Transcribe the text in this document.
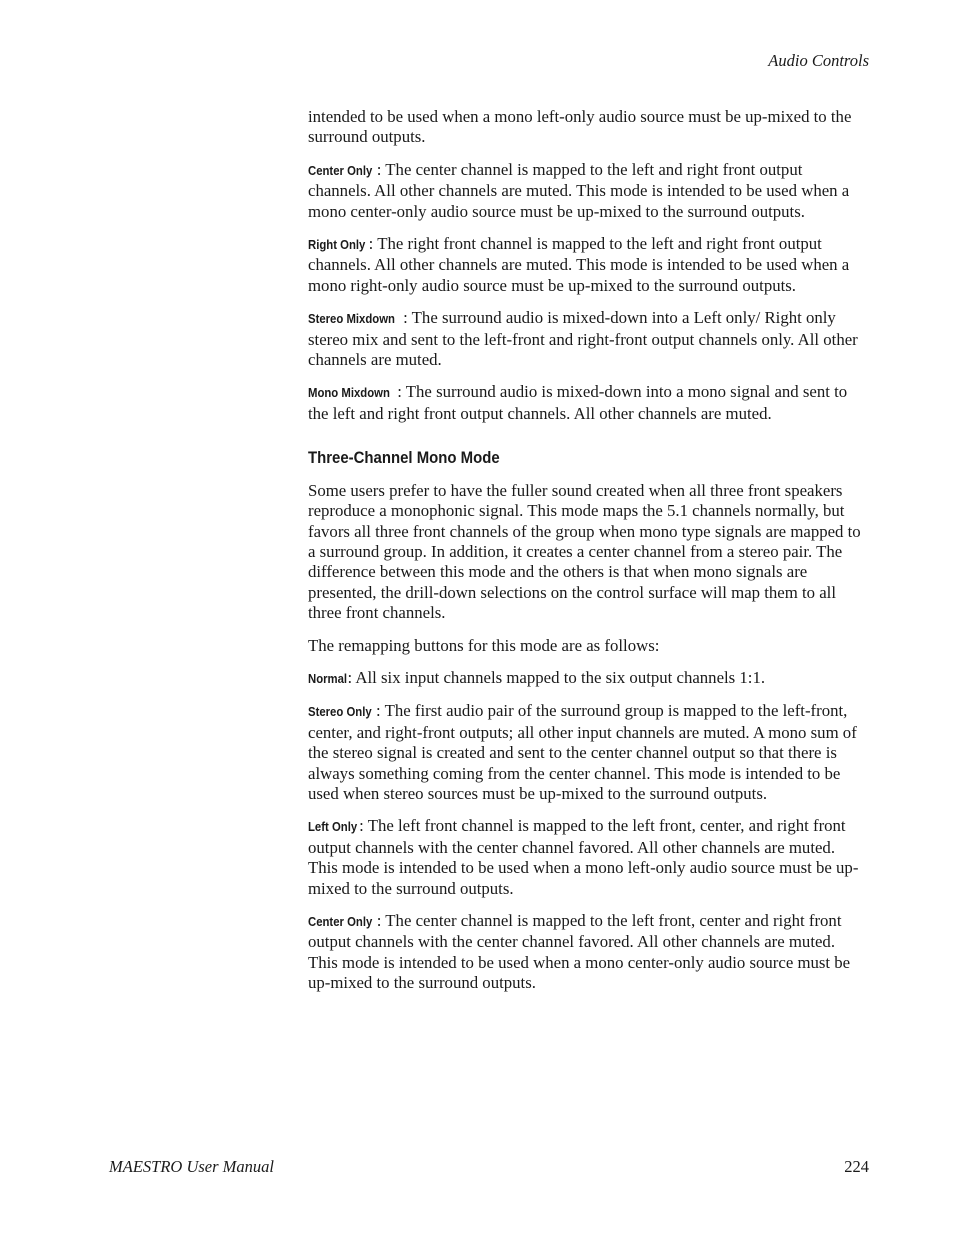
Audio Controls

intended to be used when a mono left-only audio source must be up-mixed to the surround outputs.

Center Only : The center channel is mapped to the left and right front output channels. All other channels are muted. This mode is intended to be used when a mono center-only audio source must be up-mixed to the surround outputs.

Right Only : The right front channel is mapped to the left and right front output channels. All other channels are muted. This mode is intended to be used when a mono right-only audio source must be up-mixed to the surround outputs.

Stereo Mixdown : The surround audio is mixed-down into a Left only/ Right only stereo mix and sent to the left-front and right-front output channels only. All other channels are muted.

Mono Mixdown : The surround audio is mixed-down into a mono signal and sent to the left and right front output channels. All other channels are muted.

Three-Channel Mono Mode

Some users prefer to have the fuller sound created when all three front speakers reproduce a monophonic signal. This mode maps the 5.1 channels normally, but favors all three front channels of the group when mono type signals are mapped to a surround group. In addition, it creates a center channel from a stereo pair. The difference between this mode and the others is that when mono signals are presented, the drill-down selections on the control surface will map them to all three front channels.

The remapping buttons for this mode are as follows:

Normal: All six input channels mapped to the six output channels 1:1.

Stereo Only : The first audio pair of the surround group is mapped to the left-front, center, and right-front outputs; all other input channels are muted. A mono sum of the stereo signal is created and sent to the center channel output so that there is always something coming from the center channel. This mode is intended to be used when stereo sources must be up-mixed to the surround outputs.

Left Only : The left front channel is mapped to the left front, center, and right front output channels with the center channel favored. All other channels are muted. This mode is intended to be used when a mono left-only audio source must be up-mixed to the surround outputs.

Center Only : The center channel is mapped to the left front, center and right front output channels with the center channel favored. All other channels are muted. This mode is intended to be used when a mono center-only audio source must be up-mixed to the surround outputs.

MAESTRO User Manual	224
